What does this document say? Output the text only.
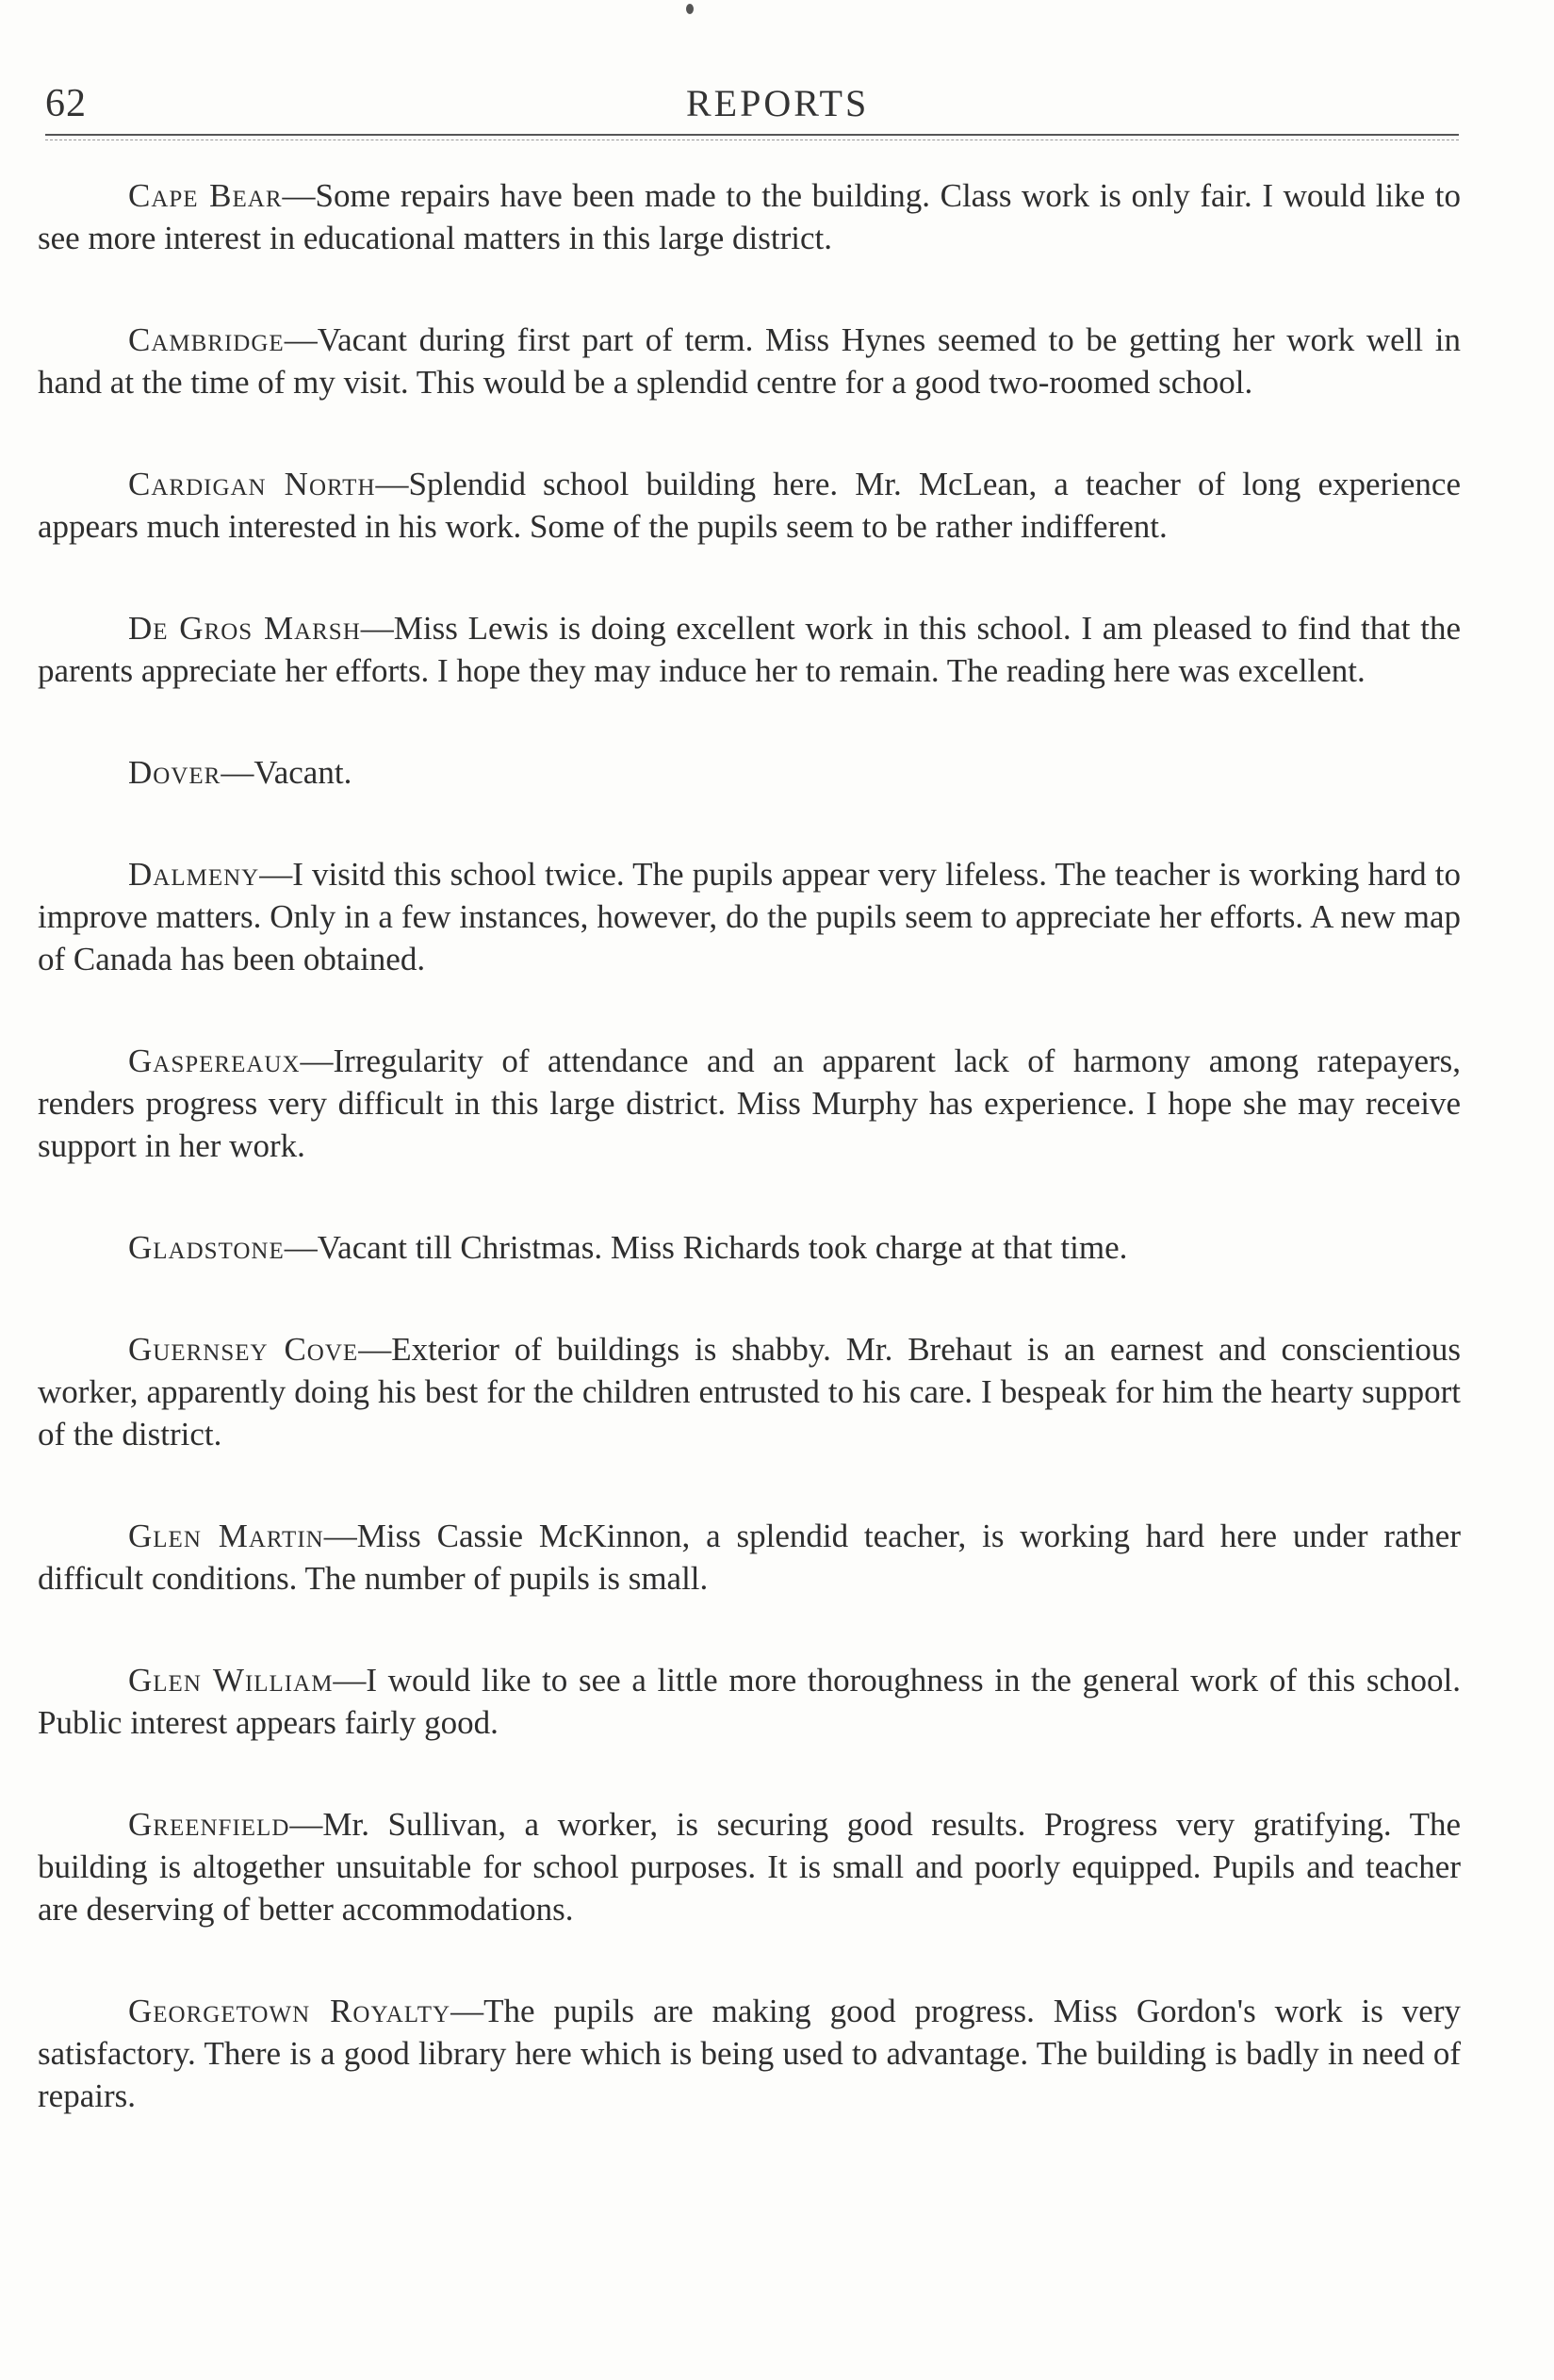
62	REPORTS

Cape Bear—Some repairs have been made to the building. Class work is only fair. I would like to see more interest in educational matters in this large district.

Cambridge—Vacant during first part of term. Miss Hynes seemed to be getting her work well in hand at the time of my visit. This would be a splendid centre for a good two-roomed school.

Cardigan North—Splendid school building here. Mr. McLean, a teacher of long experience appears much interested in his work. Some of the pupils seem to be rather indifferent.

De Gros Marsh—Miss Lewis is doing excellent work in this school. I am pleased to find that the parents appreciate her efforts. I hope they may induce her to remain. The reading here was excellent.

Dover—Vacant.

Dalmeny—I visitd this school twice. The pupils appear very lifeless. The teacher is working hard to improve matters. Only in a few instances, however, do the pupils seem to appreciate her efforts. A new map of Canada has been obtained.

Gaspereaux—Irregularity of attendance and an apparent lack of harmony among ratepayers, renders progress very difficult in this large district. Miss Murphy has experience. I hope she may receive support in her work.

Gladstone—Vacant till Christmas. Miss Richards took charge at that time.

Guernsey Cove—Exterior of buildings is shabby. Mr. Brehaut is an earnest and conscientious worker, apparently doing his best for the children entrusted to his care. I bespeak for him the hearty support of the district.

Glen Martin—Miss Cassie McKinnon, a splendid teacher, is working hard here under rather difficult conditions. The number of pupils is small.

Glen William—I would like to see a little more thoroughness in the general work of this school. Public interest appears fairly good.

Greenfield—Mr. Sullivan, a worker, is securing good results. Progress very gratifying. The building is altogether unsuitable for school purposes. It is small and poorly equipped. Pupils and teacher are deserving of better accommodations.

Georgetown Royalty—The pupils are making good progress. Miss Gordon's work is very satisfactory. There is a good library here which is being used to advantage. The building is badly in need of repairs.
